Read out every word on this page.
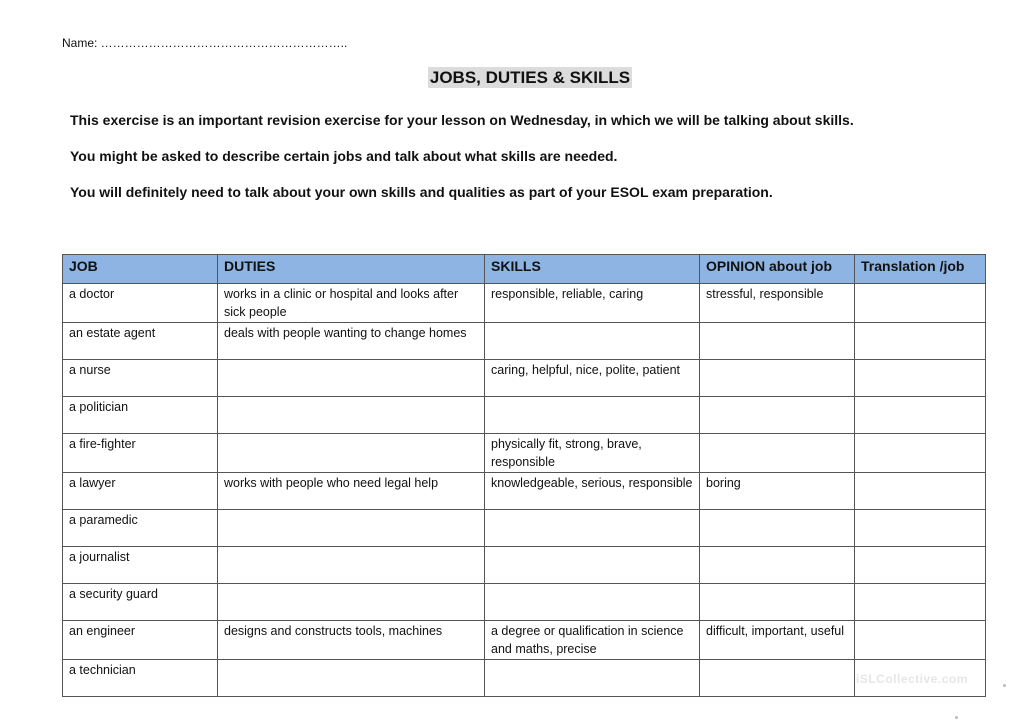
Name: ……………………………………………………..
JOBS, DUTIES & SKILLS
This exercise is an important revision exercise for your lesson on Wednesday, in which we will be talking about skills.
You might be asked to describe certain jobs and talk about what skills are needed.
You will definitely need to talk about your own skills and qualities as part of your ESOL exam preparation.
JOB	DUTIES	SKILLS	OPINION about job	Translation /job
a doctor	works in a clinic or hospital and looks after sick people	responsible, reliable, caring	stressful, responsible	
an estate agent	deals with people wanting to change homes			
a nurse		caring, helpful, nice, polite, patient		
a politician				
a fire-fighter		physically fit, strong, brave, responsible		
a lawyer	works with people who need legal help	knowledgeable, serious, responsible	boring	
a paramedic				
a journalist				
a security guard				
an engineer	designs and constructs tools, machines	a degree or qualification in science and maths, precise	difficult, important, useful	
a technician				
iSLCollective.com
